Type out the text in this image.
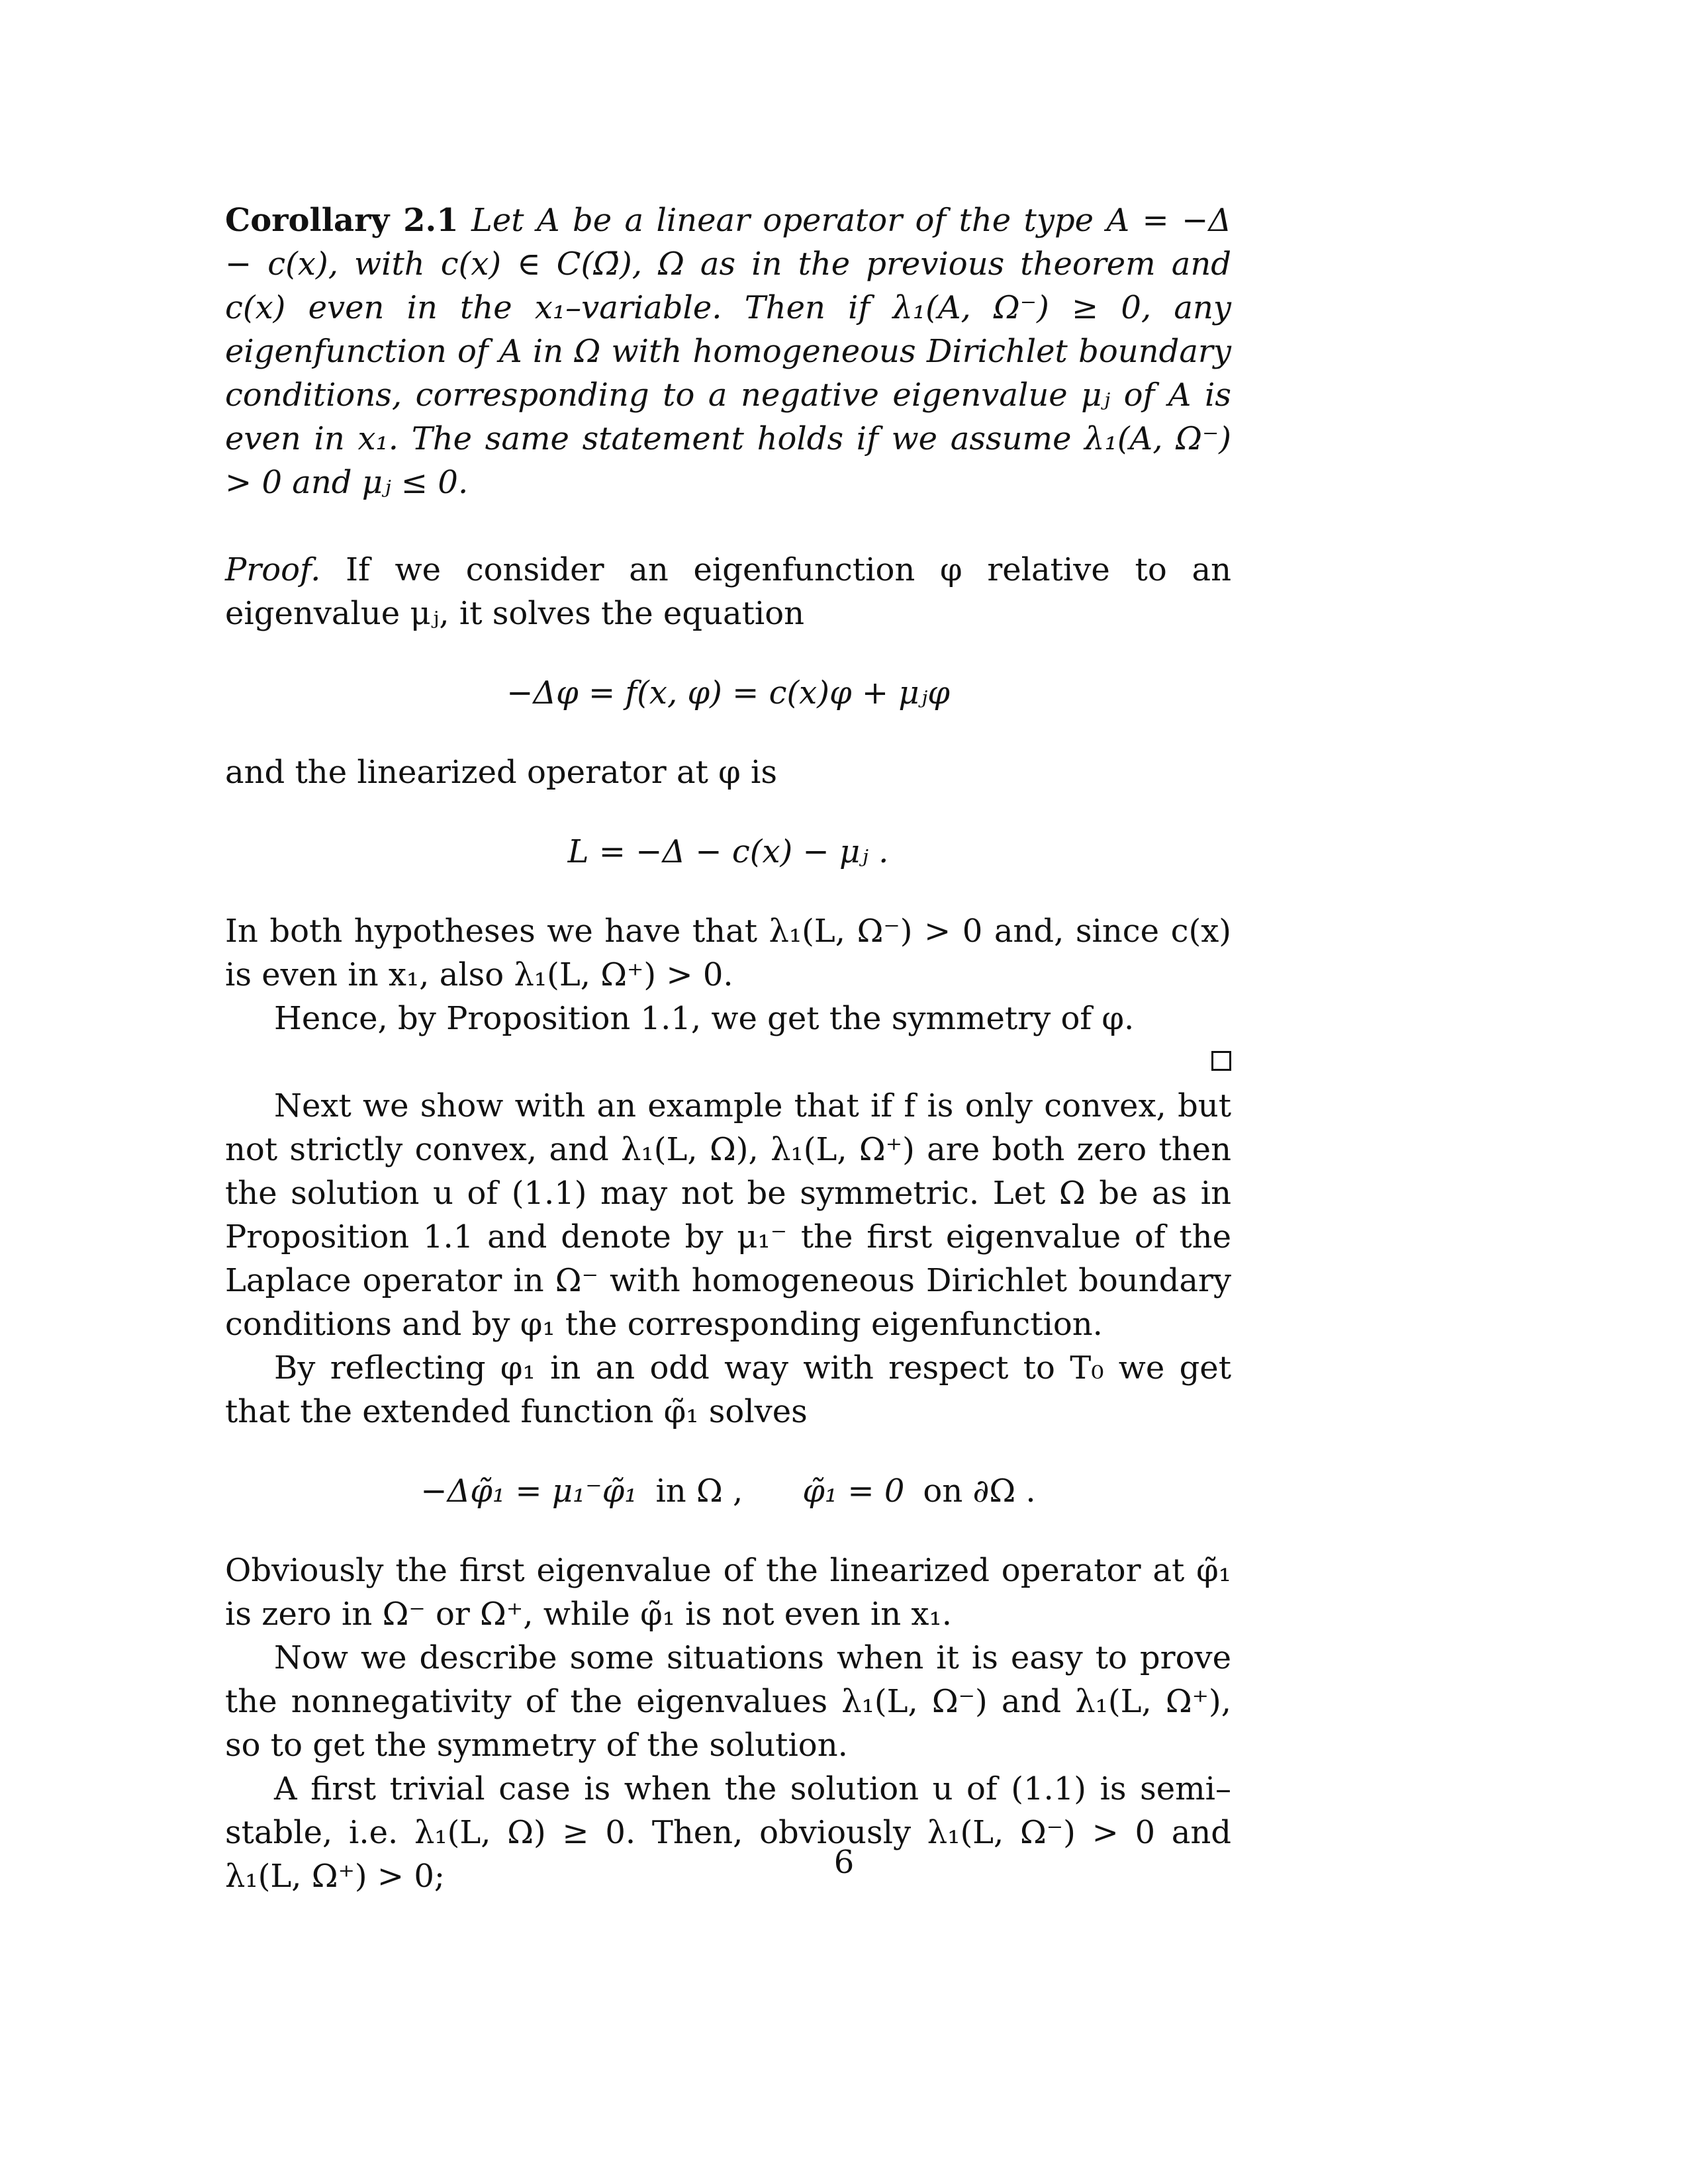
Corollary 2.1 Let A be a linear operator of the type A = −Δ − c(x), with c(x) ∈ C(Ω̄), Ω as in the previous theorem and c(x) even in the x₁–variable. Then if λ₁(A, Ω⁻) ≥ 0, any eigenfunction of A in Ω with homogeneous Dirichlet boundary conditions, corresponding to a negative eigenvalue μⱼ of A is even in x₁. The same statement holds if we assume λ₁(A, Ω⁻) > 0 and μⱼ ≤ 0.

Proof. If we consider an eigenfunction φ relative to an eigenvalue μⱼ, it solves the equation

−Δφ = f(x, φ) = c(x)φ + μⱼφ

and the linearized operator at φ is

L = −Δ − c(x) − μⱼ .

In both hypotheses we have that λ₁(L, Ω⁻) > 0 and, since c(x) is even in x₁, also λ₁(L, Ω⁺) > 0.

Hence, by Proposition 1.1, we get the symmetry of φ.

Next we show with an example that if f is only convex, but not strictly convex, and λ₁(L, Ω), λ₁(L, Ω⁺) are both zero then the solution u of (1.1) may not be symmetric. Let Ω be as in Proposition 1.1 and denote by μ₁⁻ the first eigenvalue of the Laplace operator in Ω⁻ with homogeneous Dirichlet boundary conditions and by φ₁ the corresponding eigenfunction.

By reflecting φ₁ in an odd way with respect to T₀ we get that the extended function φ̃₁ solves

−Δφ̃₁ = μ₁⁻φ̃₁ in Ω , φ̃₁ = 0 on ∂Ω .

Obviously the first eigenvalue of the linearized operator at φ̃₁ is zero in Ω⁻ or Ω⁺, while φ̃₁ is not even in x₁.

Now we describe some situations when it is easy to prove the nonnegativity of the eigenvalues λ₁(L, Ω⁻) and λ₁(L, Ω⁺), so to get the symmetry of the solution.

A first trivial case is when the solution u of (1.1) is semi–stable, i.e. λ₁(L, Ω) ≥ 0. Then, obviously λ₁(L, Ω⁻) > 0 and λ₁(L, Ω⁺) > 0;	6
